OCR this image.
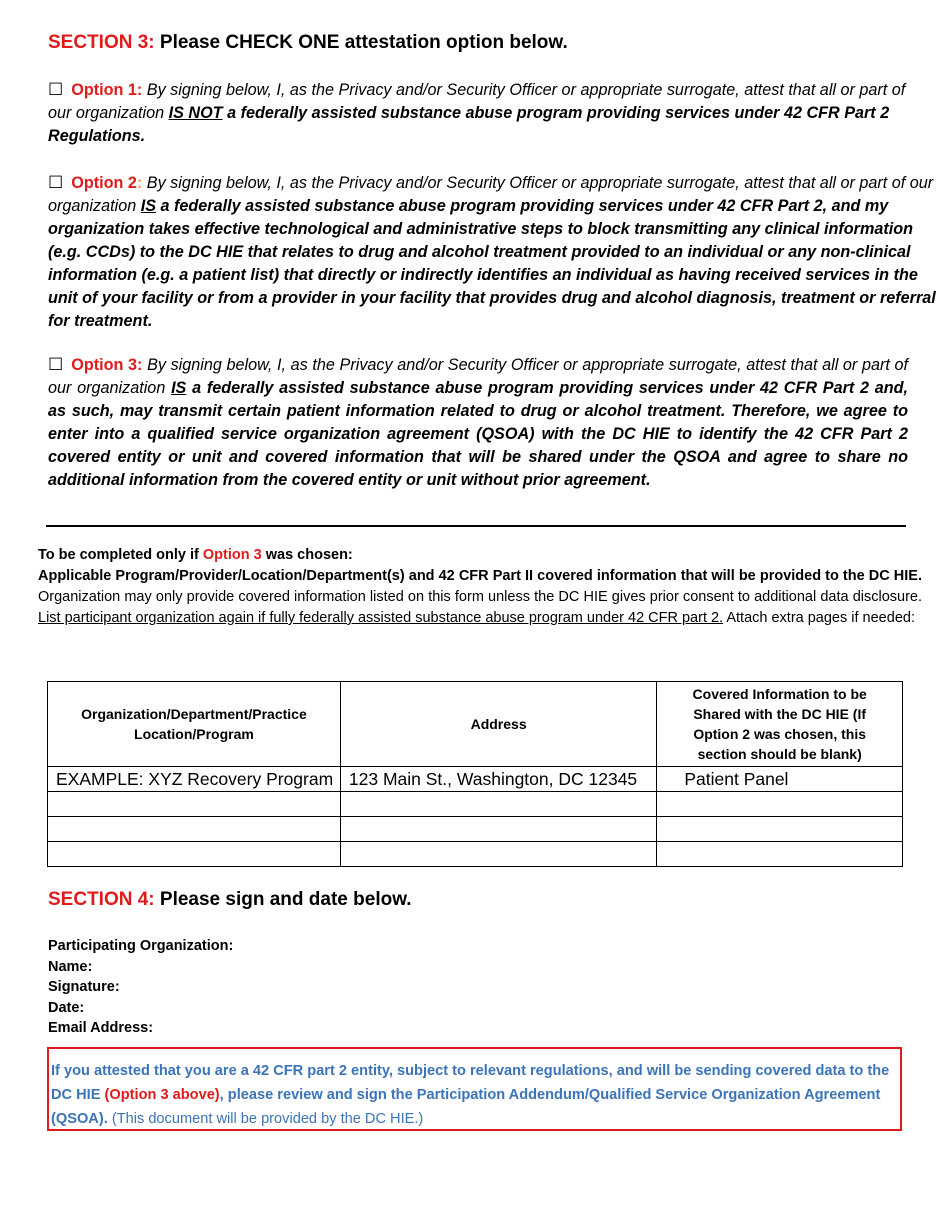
SECTION 3: Please CHECK ONE attestation option below.
☐ Option 1: By signing below, I, as the Privacy and/or Security Officer or appropriate surrogate, attest that all or part of our organization IS NOT a federally assisted substance abuse program providing services under 42 CFR Part 2 Regulations.
☐ Option 2: By signing below, I, as the Privacy and/or Security Officer or appropriate surrogate, attest that all or part of our organization IS a federally assisted substance abuse program providing services under 42 CFR Part 2, and my organization takes effective technological and administrative steps to block transmitting any clinical information (e.g. CCDs) to the DC HIE that relates to drug and alcohol treatment provided to an individual or any non-clinical information (e.g. a patient list) that directly or indirectly identifies an individual as having received services in the unit of your facility or from a provider in your facility that provides drug and alcohol diagnosis, treatment or referral for treatment.
☐ Option 3: By signing below, I, as the Privacy and/or Security Officer or appropriate surrogate, attest that all or part of our organization IS a federally assisted substance abuse program providing services under 42 CFR Part 2 and, as such, may transmit certain patient information related to drug or alcohol treatment. Therefore, we agree to enter into a qualified service organization agreement (QSOA) with the DC HIE to identify the 42 CFR Part 2 covered entity or unit and covered information that will be shared under the QSOA and agree to share no additional information from the covered entity or unit without prior agreement.
To be completed only if Option 3 was chosen:
Applicable Program/Provider/Location/Department(s) and 42 CFR Part II covered information that will be provided to the DC HIE. Organization may only provide covered information listed on this form unless the DC HIE gives prior consent to additional data disclosure. List participant organization again if fully federally assisted substance abuse program under 42 CFR part 2. Attach extra pages if needed:
Organization/Department/Practice Location/Program	Address	Covered Information to be Shared with the DC HIE (If Option 2 was chosen, this section should be blank)

EXAMPLE: XYZ Recovery Program	123 Main St., Washington, DC 12345	Patient Panel

SECTION 4: Please sign and date below.
Participating Organization:
Name:
Signature:
Date:
Email Address:
If you attested that you are a 42 CFR part 2 entity, subject to relevant regulations, and will be sending covered data to the DC HIE (Option 3 above), please review and sign the Participation Addendum/Qualified Service Organization Agreement (QSOA). (This document will be provided by the DC HIE.)
